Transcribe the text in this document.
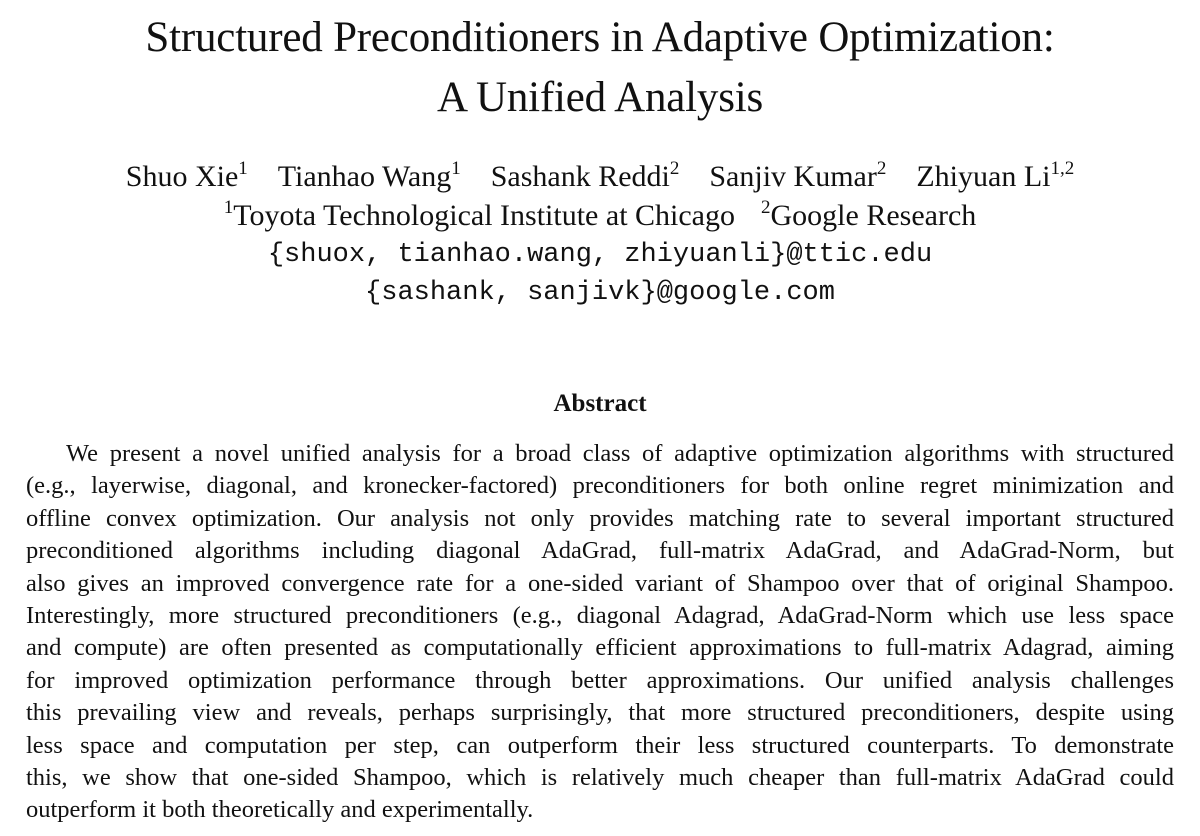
Structured Preconditioners in Adaptive Optimization:
A Unified Analysis
Shuo Xie$^1$ Tianhao Wang$^1$ Sashank Reddi$^2$ Sanjiv Kumar$^2$ Zhiyuan Li$^{1,2}$
$^1$Toyota Technological Institute at Chicago $^2$Google Research
{shuox, tianhao.wang, zhiyuanli}@ttic.edu
{sashank, sanjivk}@google.com
Abstract
We present a novel unified analysis for a broad class of adaptive optimization algorithms with structured
(e.g., layerwise, diagonal, and kronecker-factored) preconditioners for both online regret minimization and
offline convex optimization. Our analysis not only provides matching rate to several important structured
preconditioned algorithms including diagonal AdaGrad, full-matrix AdaGrad, and AdaGrad-Norm, but
also gives an improved convergence rate for a one-sided variant of Shampoo over that of original Shampoo.
Interestingly, more structured preconditioners (e.g., diagonal Adagrad, AdaGrad-Norm which use less space
and compute) are often presented as computationally efficient approximations to full-matrix Adagrad, aiming
for improved optimization performance through better approximations. Our unified analysis challenges
this prevailing view and reveals, perhaps surprisingly, that more structured preconditioners, despite using
less space and computation per step, can outperform their less structured counterparts. To demonstrate
this, we show that one-sided Shampoo, which is relatively much cheaper than full-matrix AdaGrad could
outperform it both theoretically and experimentally.
